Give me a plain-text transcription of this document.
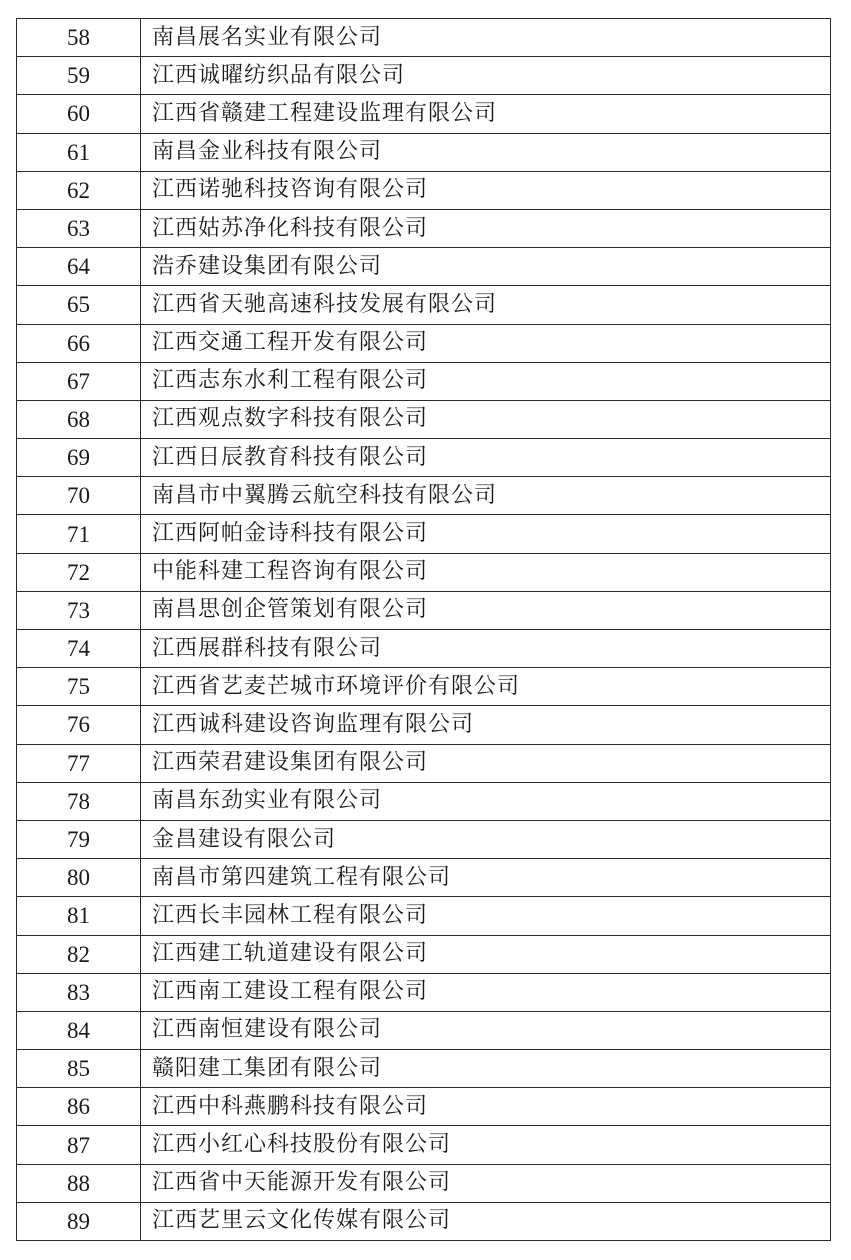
58	南昌展名实业有限公司
59	江西诚曜纺织品有限公司
60	江西省赣建工程建设监理有限公司
61	南昌金业科技有限公司
62	江西诺驰科技咨询有限公司
63	江西姑苏净化科技有限公司
64	浩乔建设集团有限公司
65	江西省天驰高速科技发展有限公司
66	江西交通工程开发有限公司
67	江西志东水利工程有限公司
68	江西观点数字科技有限公司
69	江西日辰教育科技有限公司
70	南昌市中翼腾云航空科技有限公司
71	江西阿帕金诗科技有限公司
72	中能科建工程咨询有限公司
73	南昌思创企管策划有限公司
74	江西展群科技有限公司
75	江西省艺麦芒城市环境评价有限公司
76	江西诚科建设咨询监理有限公司
77	江西荣君建设集团有限公司
78	南昌东劲实业有限公司
79	金昌建设有限公司
80	南昌市第四建筑工程有限公司
81	江西长丰园林工程有限公司
82	江西建工轨道建设有限公司
83	江西南工建设工程有限公司
84	江西南恒建设有限公司
85	赣阳建工集团有限公司
86	江西中科燕鹏科技有限公司
87	江西小红心科技股份有限公司
88	江西省中天能源开发有限公司
89	江西艺里云文化传媒有限公司
